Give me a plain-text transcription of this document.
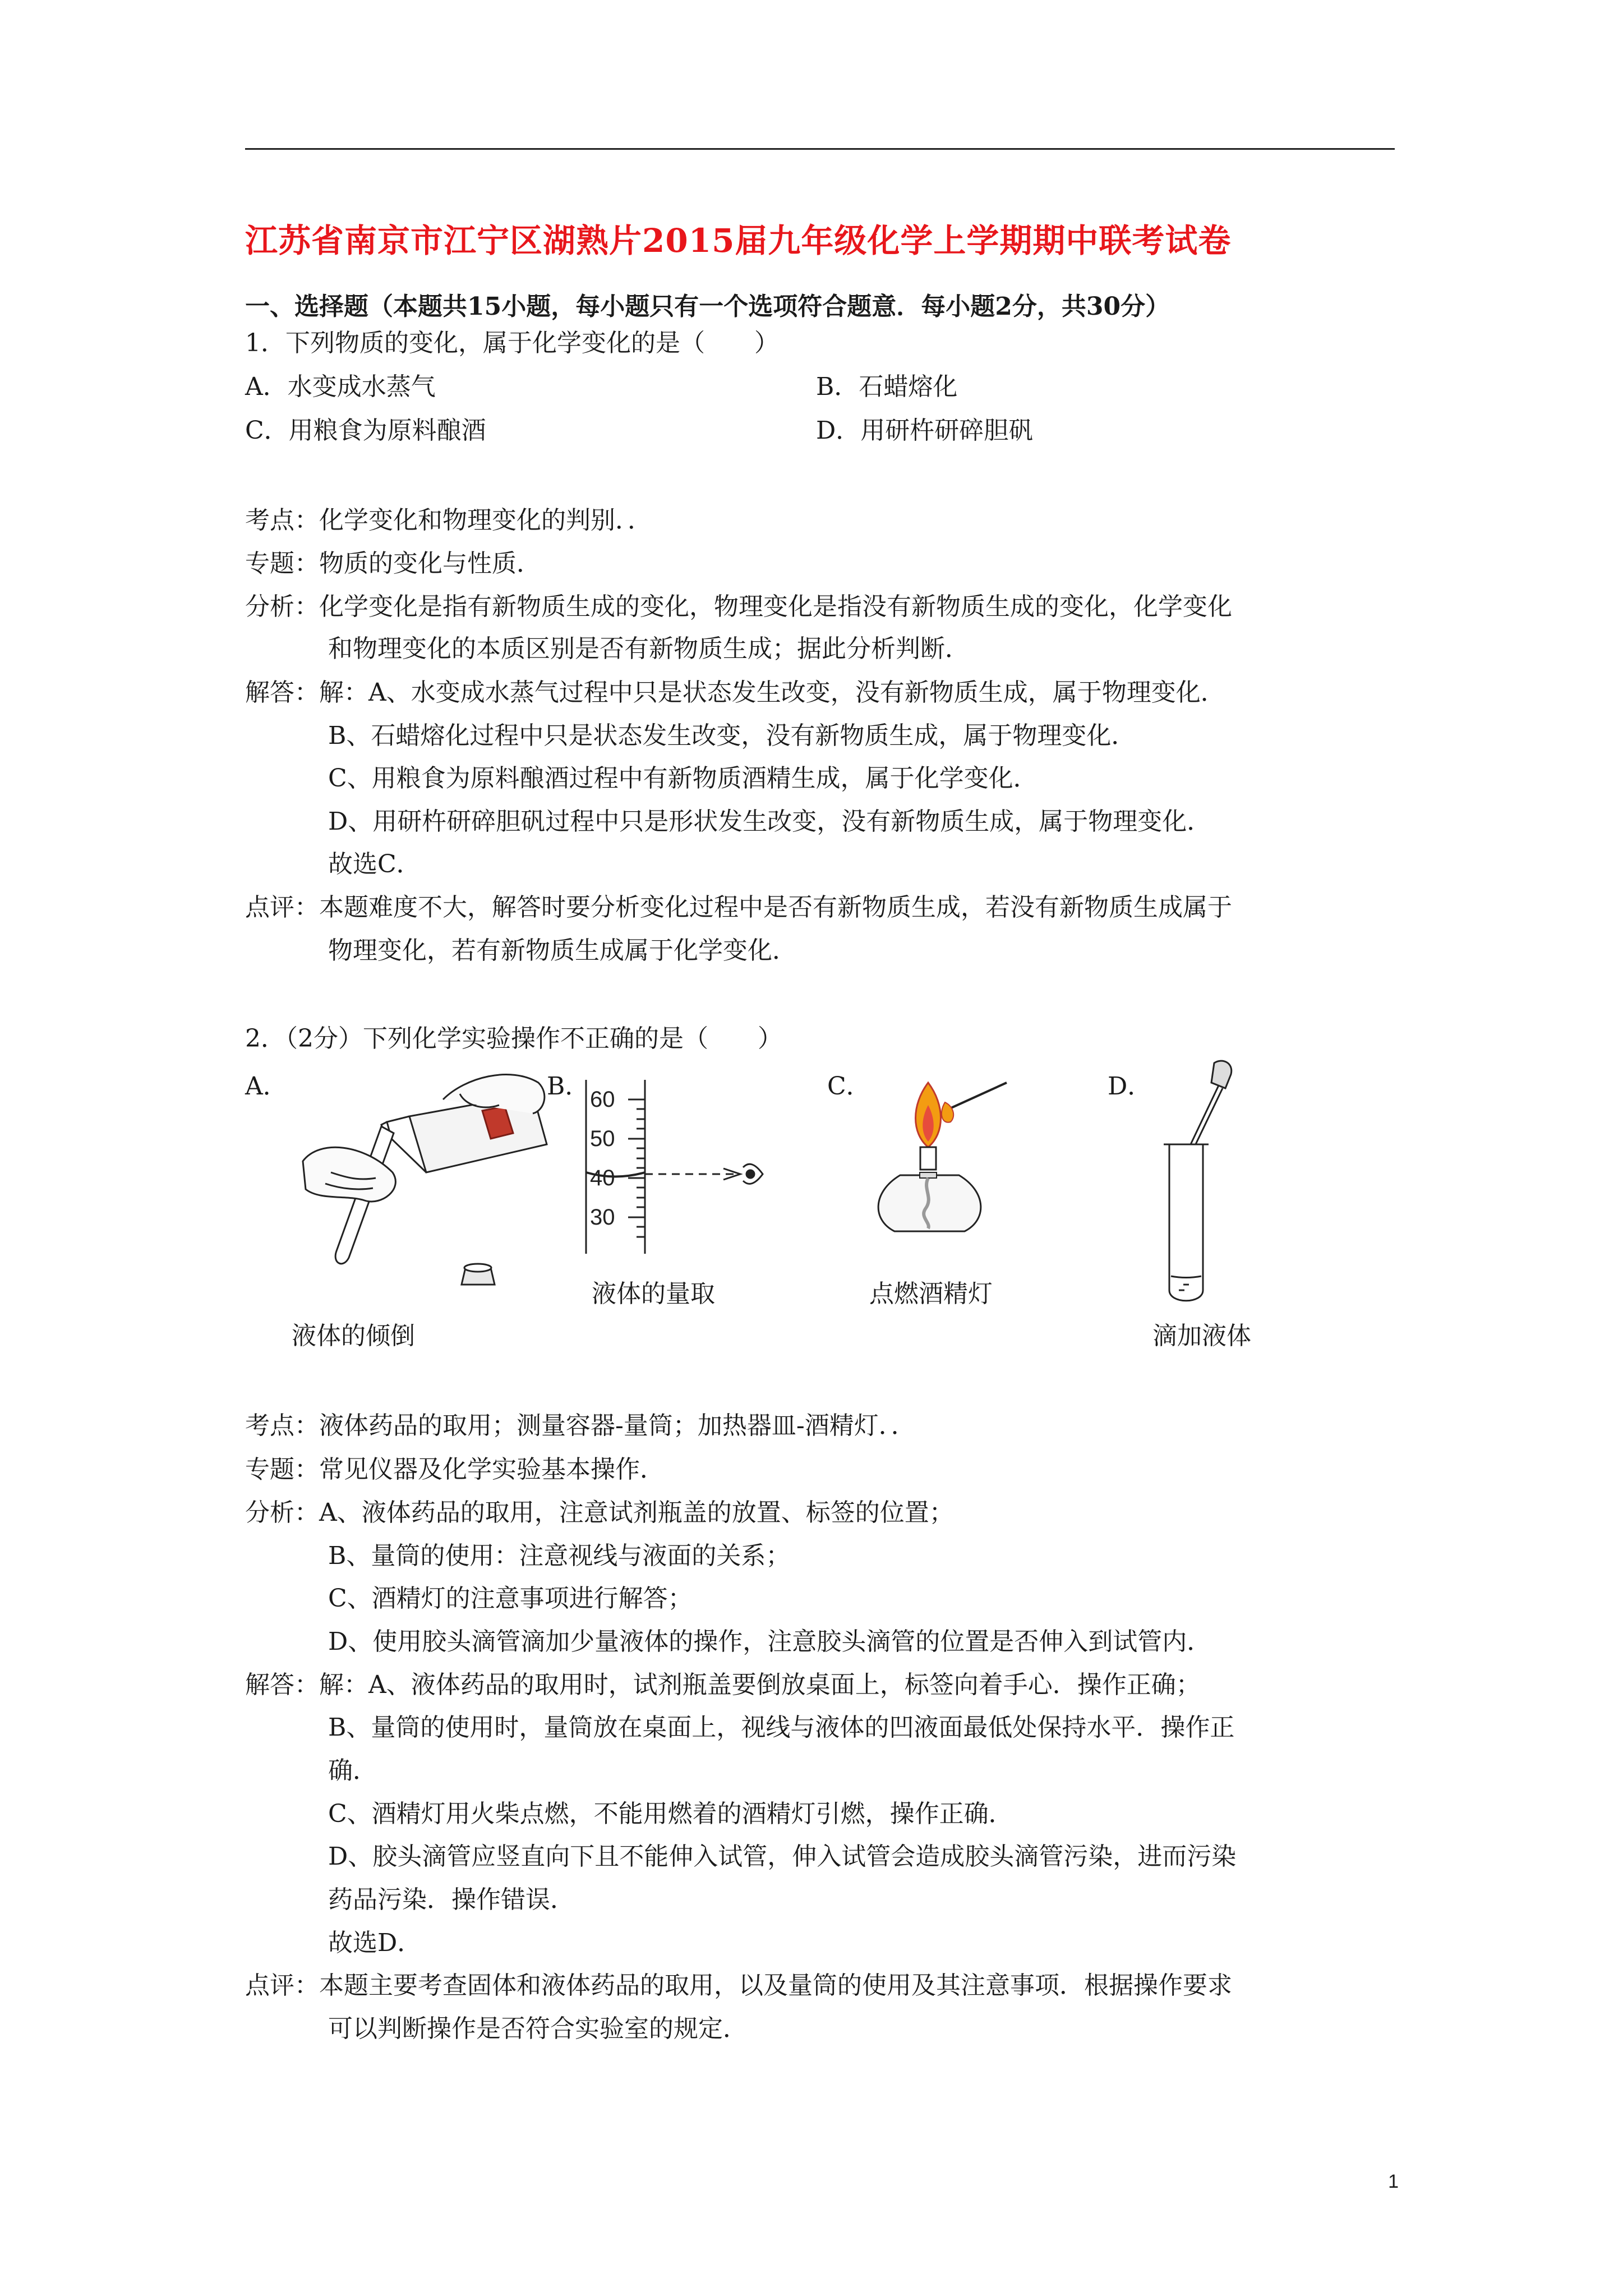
江苏省南京市江宁区湖熟片2015届九年级化学上学期期中联考试卷
一、选择题（本题共15小题，每小题只有一个选项符合题意．每小题2分，共30分）
1．下列物质的变化，属于化学变化的是（　　）
A．水变成水蒸气	B．石蜡熔化
C．用粮食为原料酿酒	D．用研杵研碎胆矾
考点：化学变化和物理变化的判别．．
专题：物质的变化与性质．
分析：化学变化是指有新物质生成的变化，物理变化是指没有新物质生成的变化，化学变化
和物理变化的本质区别是否有新物质生成；据此分析判断．
解答：解：A、水变成水蒸气过程中只是状态发生改变，没有新物质生成，属于物理变化．
B、石蜡熔化过程中只是状态发生改变，没有新物质生成，属于物理变化．
C、用粮食为原料酿酒过程中有新物质酒精生成，属于化学变化．
D、用研杵研碎胆矾过程中只是形状发生改变，没有新物质生成，属于物理变化．
故选C．
点评：本题难度不大，解答时要分析变化过程中是否有新物质生成，若没有新物质生成属于
物理变化，若有新物质生成属于化学变化．
2．（2分）下列化学实验操作不正确的是（　　）
A．	B．	C．	D．
60
50
40
30
液体的倾倒
液体的量取	点燃酒精灯
滴加液体
考点：液体药品的取用；测量容器-量筒；加热器皿-酒精灯．．
专题：常见仪器及化学实验基本操作．
分析：A、液体药品的取用，注意试剂瓶盖的放置、标签的位置；
B、量筒的使用：注意视线与液面的关系；
C、酒精灯的注意事项进行解答；
D、使用胶头滴管滴加少量液体的操作，注意胶头滴管的位置是否伸入到试管内．
解答：解：A、液体药品的取用时，试剂瓶盖要倒放桌面上，标签向着手心．操作正确；
B、量筒的使用时，量筒放在桌面上，视线与液体的凹液面最低处保持水平．操作正
确．
C、酒精灯用火柴点燃，不能用燃着的酒精灯引燃，操作正确．
D、胶头滴管应竖直向下且不能伸入试管，伸入试管会造成胶头滴管污染，进而污染
药品污染．操作错误．
故选D．
点评：本题主要考查固体和液体药品的取用，以及量筒的使用及其注意事项．根据操作要求
可以判断操作是否符合实验室的规定．
1
